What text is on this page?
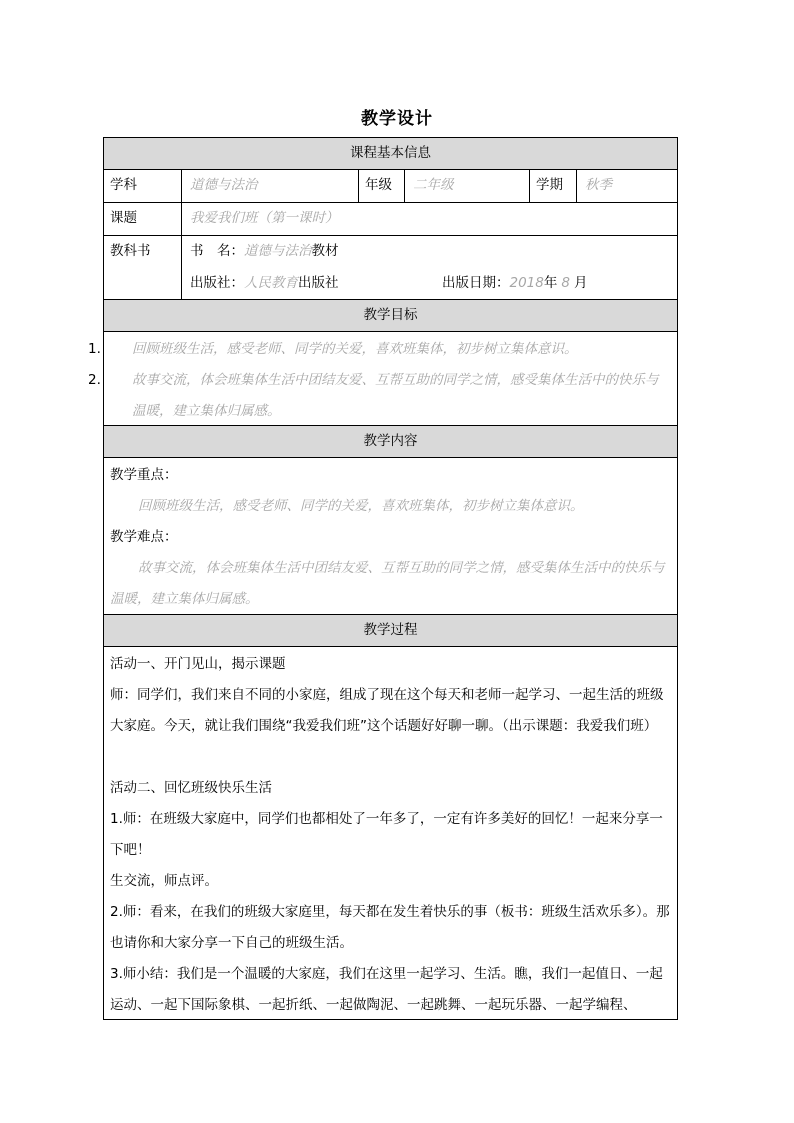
教学设计
课程基本信息
学科	道德与法治	年级	二年级	学期	秋季
课题	我爱我们班（第一课时）
教科书	书　名：道德与法治教材
出版社：人民教育出版社	出版日期：2018年 8 月
教学目标
1. 回顾班级生活，感受老师、同学的关爱，喜欢班集体，初步树立集体意识。
2. 故事交流，体会班集体生活中团结友爱、互帮互助的同学之情，感受集体生活中的快乐与温暖，建立集体归属感。
教学内容
教学重点：
回顾班级生活，感受老师、同学的关爱，喜欢班集体，初步树立集体意识。
教学难点：
故事交流，体会班集体生活中团结友爱、互帮互助的同学之情，感受集体生活中的快乐与温暖，建立集体归属感。
教学过程
活动一、开门见山，揭示课题
师：同学们，我们来自不同的小家庭，组成了现在这个每天和老师一起学习、一起生活的班级大家庭。今天，就让我们围绕“我爱我们班”这个话题好好聊一聊。（出示课题：我爱我们班）
活动二、回忆班级快乐生活
1.师：在班级大家庭中，同学们也都相处了一年多了，一定有许多美好的回忆！一起来分享一下吧！
生交流，师点评。
2.师：看来，在我们的班级大家庭里，每天都在发生着快乐的事（板书：班级生活欢乐多）。那也请你和大家分享一下自己的班级生活。
3.师小结：我们是一个温暖的大家庭，我们在这里一起学习、生活。瞧，我们一起值日、一起运动、一起下国际象棋、一起折纸、一起做陶泥、一起跳舞、一起玩乐器、一起学编程、
